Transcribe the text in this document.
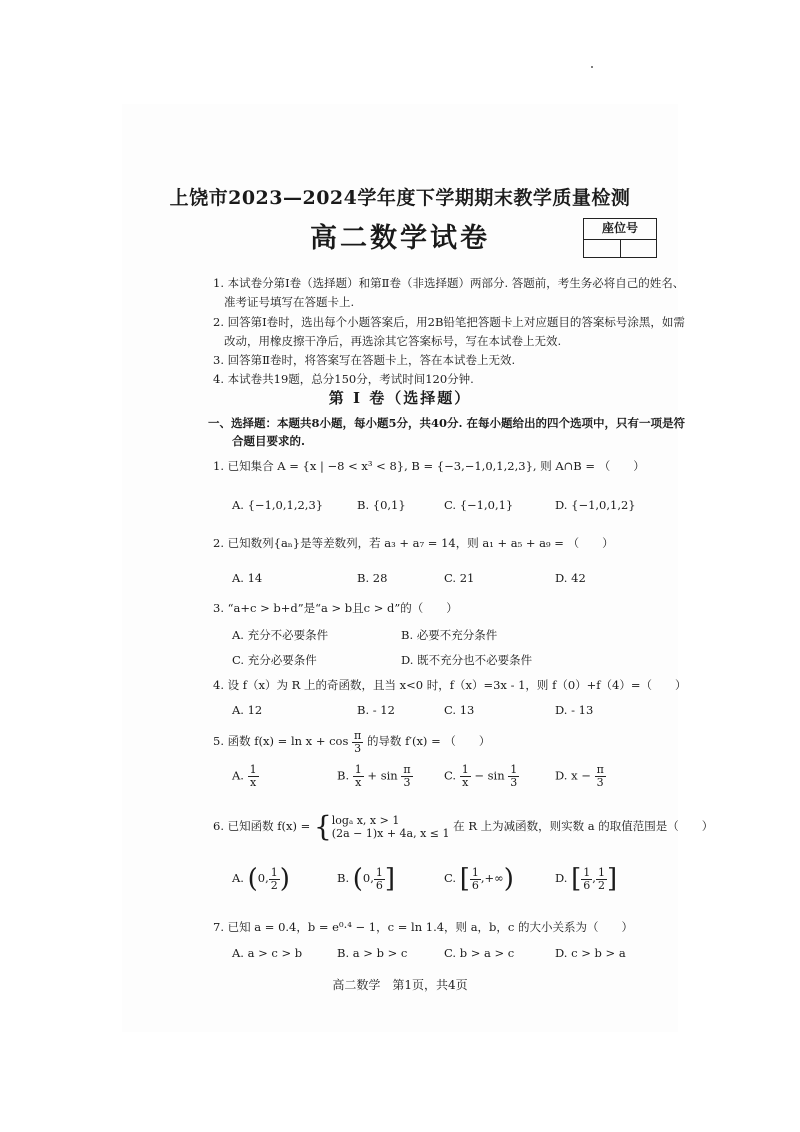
上饶市2023—2024学年度下学期期末教学质量检测
高二数学试卷	座位号
1. 本试卷分第Ⅰ卷（选择题）和第Ⅱ卷（非选择题）两部分. 答题前，考生务必将自己的姓名、
准考证号填写在答题卡上.
2. 回答第Ⅰ卷时，选出每个小题答案后，用2B铅笔把答题卡上对应题目的答案标号涂黑，如需
改动，用橡皮擦干净后，再选涂其它答案标号，写在本试卷上无效.
3. 回答第Ⅱ卷时，将答案写在答题卡上，答在本试卷上无效.
4. 本试卷共19题，总分150分，考试时间120分钟.
第 Ⅰ 卷（选择题）
一、选择题：本题共8小题，每小题5分，共40分. 在每小题给出的四个选项中，只有一项是符
合题目要求的.
1. 已知集合 A = {x | −8 < x³ < 8}, B = {−3,−1,0,1,2,3}, 则 A∩B = （　　）
A. {−1,0,1,2,3}	B. {0,1}	C. {−1,0,1}	D. {−1,0,1,2}
2. 已知数列{aₙ}是等差数列，若 a₃ + a₇ = 14，则 a₁ + a₅ + a₉ = （　　）
A. 14	B. 28	C. 21	D. 42
3. “a+c > b+d”是“a > b且c > d”的（　　）
A. 充分不必要条件	B. 必要不充分条件
C. 充分必要条件	D. 既不充分也不必要条件
4. 设 f（x）为 R 上的奇函数，且当 x<0 时，f（x）=3x - 1，则 f（0）+f（4）=（　　）
A. 12	B. - 12	C. 13	D. - 13
5. 函数 $f(x) = \ln x + \cos \frac{\pi}{3}$ 的导数 f′(x) = （　　）
A. $\frac{1}{x}$	B. $\frac{1}{x} + \sin \frac{\pi}{3}$	C. $\frac{1}{x} - \sin \frac{1}{3}$	D. $x - \frac{\pi}{3}$
6. 已知函数 f(x) = { logₐ x, x > 1
(2a − 1)x + 4a, x ≤ 1
在 R 上为减函数，则实数 a 的取值范围是（　　）
A. (0, $\frac{1}{2}$ )	B. (0, $\frac{1}{6}$ ]	C. [ $\frac{1}{6}$ ,+∞)	D. [ $\frac{1}{6}$ , $\frac{1}{2}$ ]
7. 已知 a = 0.4，b = e⁰·⁴ − 1，c = ln 1.4，则 a，b，c 的大小关系为（　　）
A. a > c > b	B. a > b > c	C. b > a > c	D. c > b > a
高二数学　第1页，共4页
